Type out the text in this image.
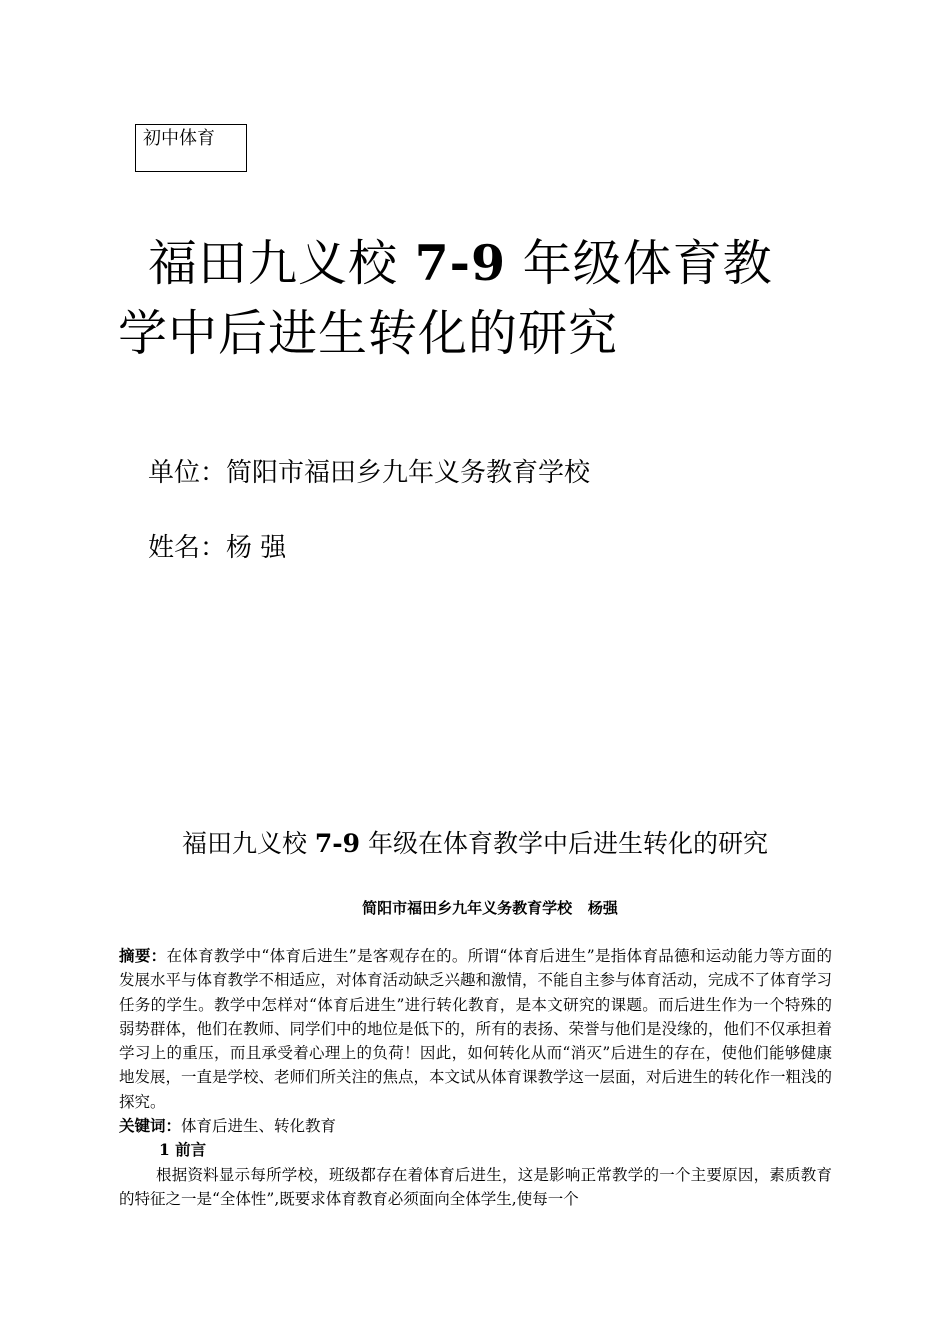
初中体育
福田九义校 7-9 年级体育教
学中后进生转化的研究
单位：简阳市福田乡九年义务教育学校
姓名：杨 强
福田九义校 7-9 年级在体育教学中后进生转化的研究
简阳市福田乡九年义务教育学校   杨强

摘要：在体育教学中“体育后进生”是客观存在的。所谓“体育后进生”是指体育品德和运动能力等方面的发展水平与体育教学不相适应，对体育活动缺乏兴趣和激情，不能自主参与体育活动，完成不了体育学习任务的学生。教学中怎样对“体育后进生”进行转化教育，是本文研究的课题。而后进生作为一个特殊的弱势群体，他们在教师、同学们中的地位是低下的，所有的表扬、荣誉与他们是没缘的，他们不仅承担着学习上的重压，而且承受着心理上的负荷！因此，如何转化从而“消灭”后进生的存在，使他们能够健康地发展，一直是学校、老师们所关注的焦点，本文试从体育课教学这一层面，对后进生的转化作一粗浅的探究。

关键词：体育后进生、转化教育

1 前言

根据资料显示每所学校，班级都存在着体育后进生，这是影响正常教学的一个主要原因，素质教育的特征之一是“全体性”,既要求体育教育必须面向全体学生,使每一个
